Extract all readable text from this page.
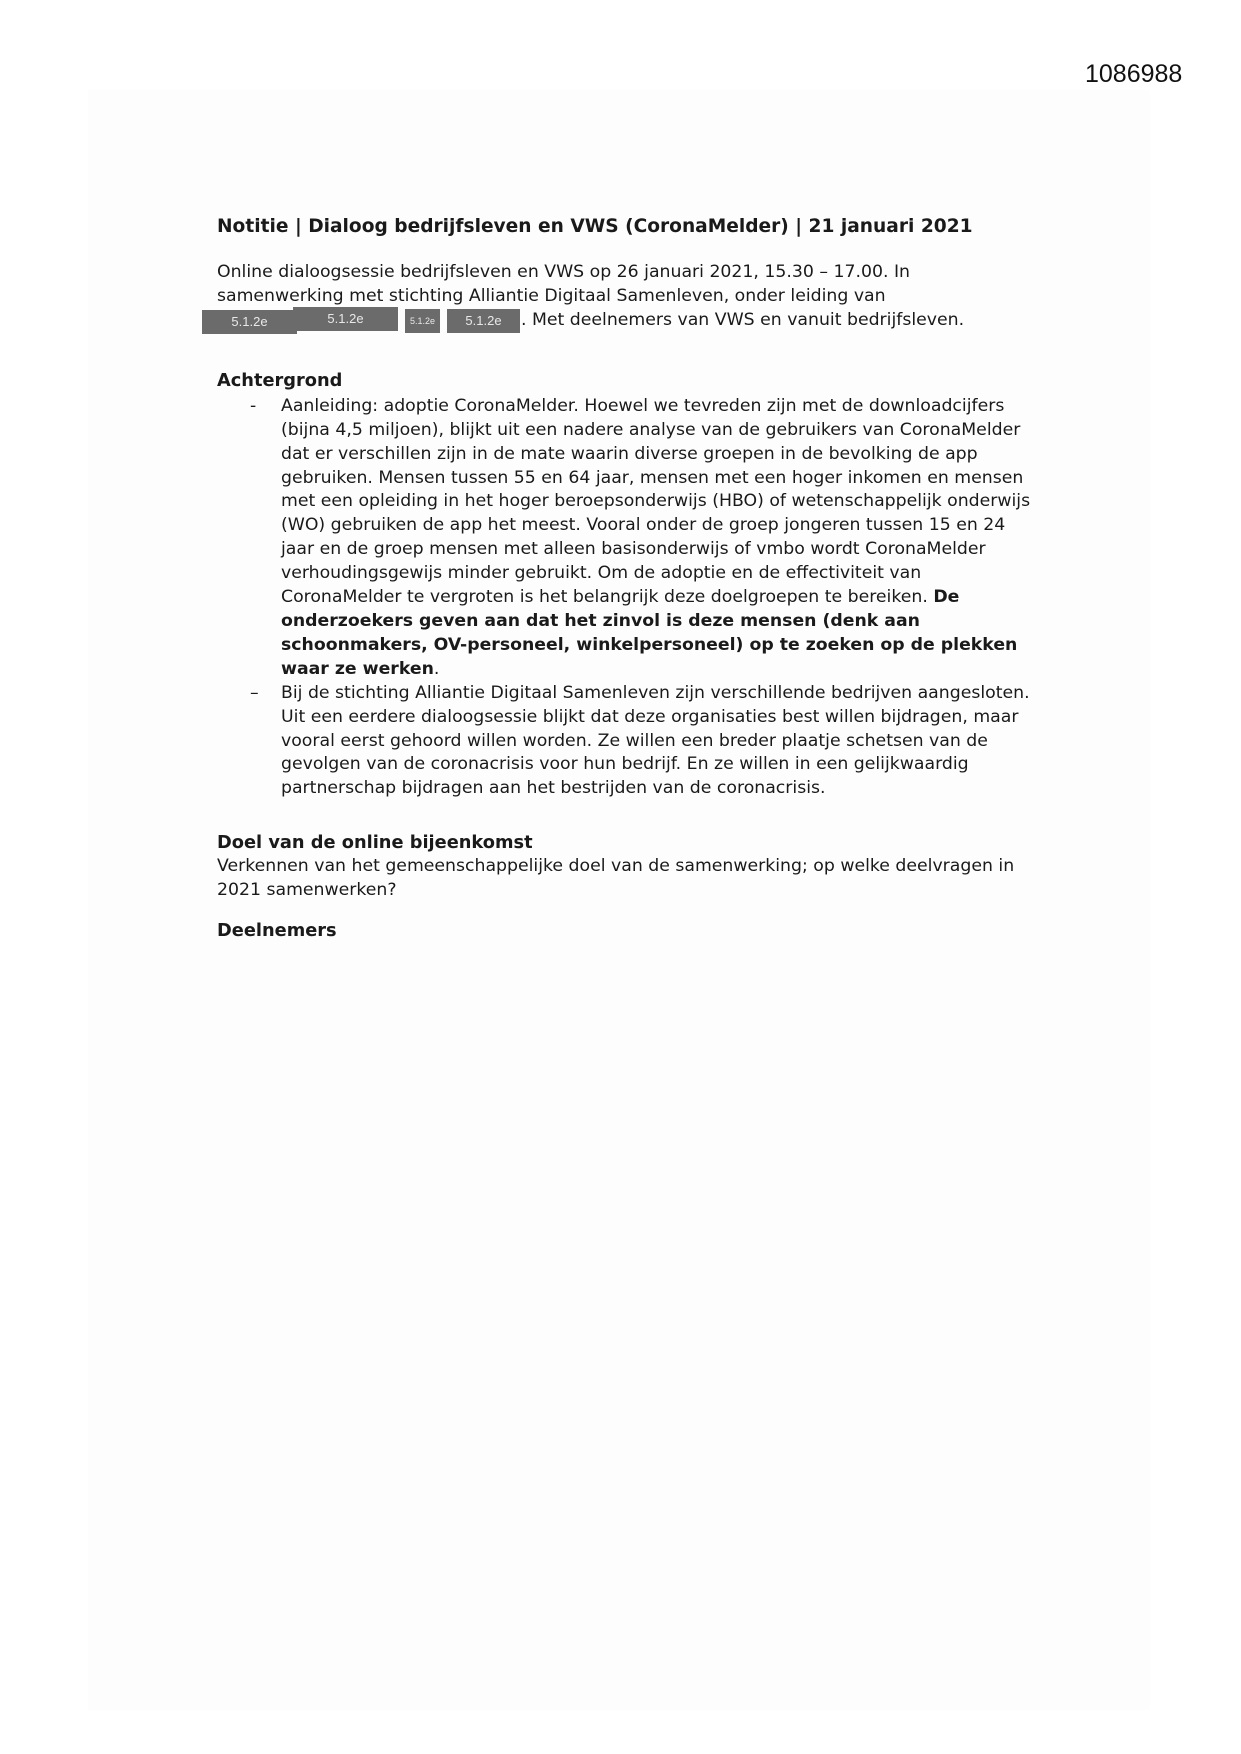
1086988
Notitie | Dialoog bedrijfsleven en VWS (CoronaMelder) | 21 januari 2021

Online dialoogsessie bedrijfsleven en VWS op 26 januari 2021, 15.30 – 17.00. In

samenwerking met stichting Alliantie Digitaal Samenleven, onder leiding van

5.1.2e	5.1.2e	5.1.2e	5.1.2e	. Met deelnemers van VWS en vanuit bedrijfsleven.
Achtergrond
- Aanleiding: adoptie CoronaMelder. Hoewel we tevreden zijn met de downloadcijfers (bijna 4,5 miljoen), blijkt uit een nadere analyse van de gebruikers van CoronaMelder dat er verschillen zijn in de mate waarin diverse groepen in de bevolking de app gebruiken. Mensen tussen 55 en 64 jaar, mensen met een hoger inkomen en mensen met een opleiding in het hoger beroepsonderwijs (HBO) of wetenschappelijk onderwijs (WO) gebruiken de app het meest. Vooral onder de groep jongeren tussen 15 en 24 jaar en de groep mensen met alleen basisonderwijs of vmbo wordt CoronaMelder verhoudingsgewijs minder gebruikt. Om de adoptie en de effectiviteit van CoronaMelder te vergroten is het belangrijk deze doelgroepen te bereiken. De onderzoekers geven aan dat het zinvol is deze mensen (denk aan schoonmakers, OV-personeel, winkelpersoneel) op te zoeken op de plekken waar ze werken.
– Bij de stichting Alliantie Digitaal Samenleven zijn verschillende bedrijven aangesloten. Uit een eerdere dialoogsessie blijkt dat deze organisaties best willen bijdragen, maar vooral eerst gehoord willen worden. Ze willen een breder plaatje schetsen van de gevolgen van de coronacrisis voor hun bedrijf. En ze willen in een gelijkwaardig partnerschap bijdragen aan het bestrijden van de coronacrisis.
Doel van de online bijeenkomst

Verkennen van het gemeenschappelijke doel van de samenwerking; op welke deelvragen in 2021 samenwerken?

Deelnemers
